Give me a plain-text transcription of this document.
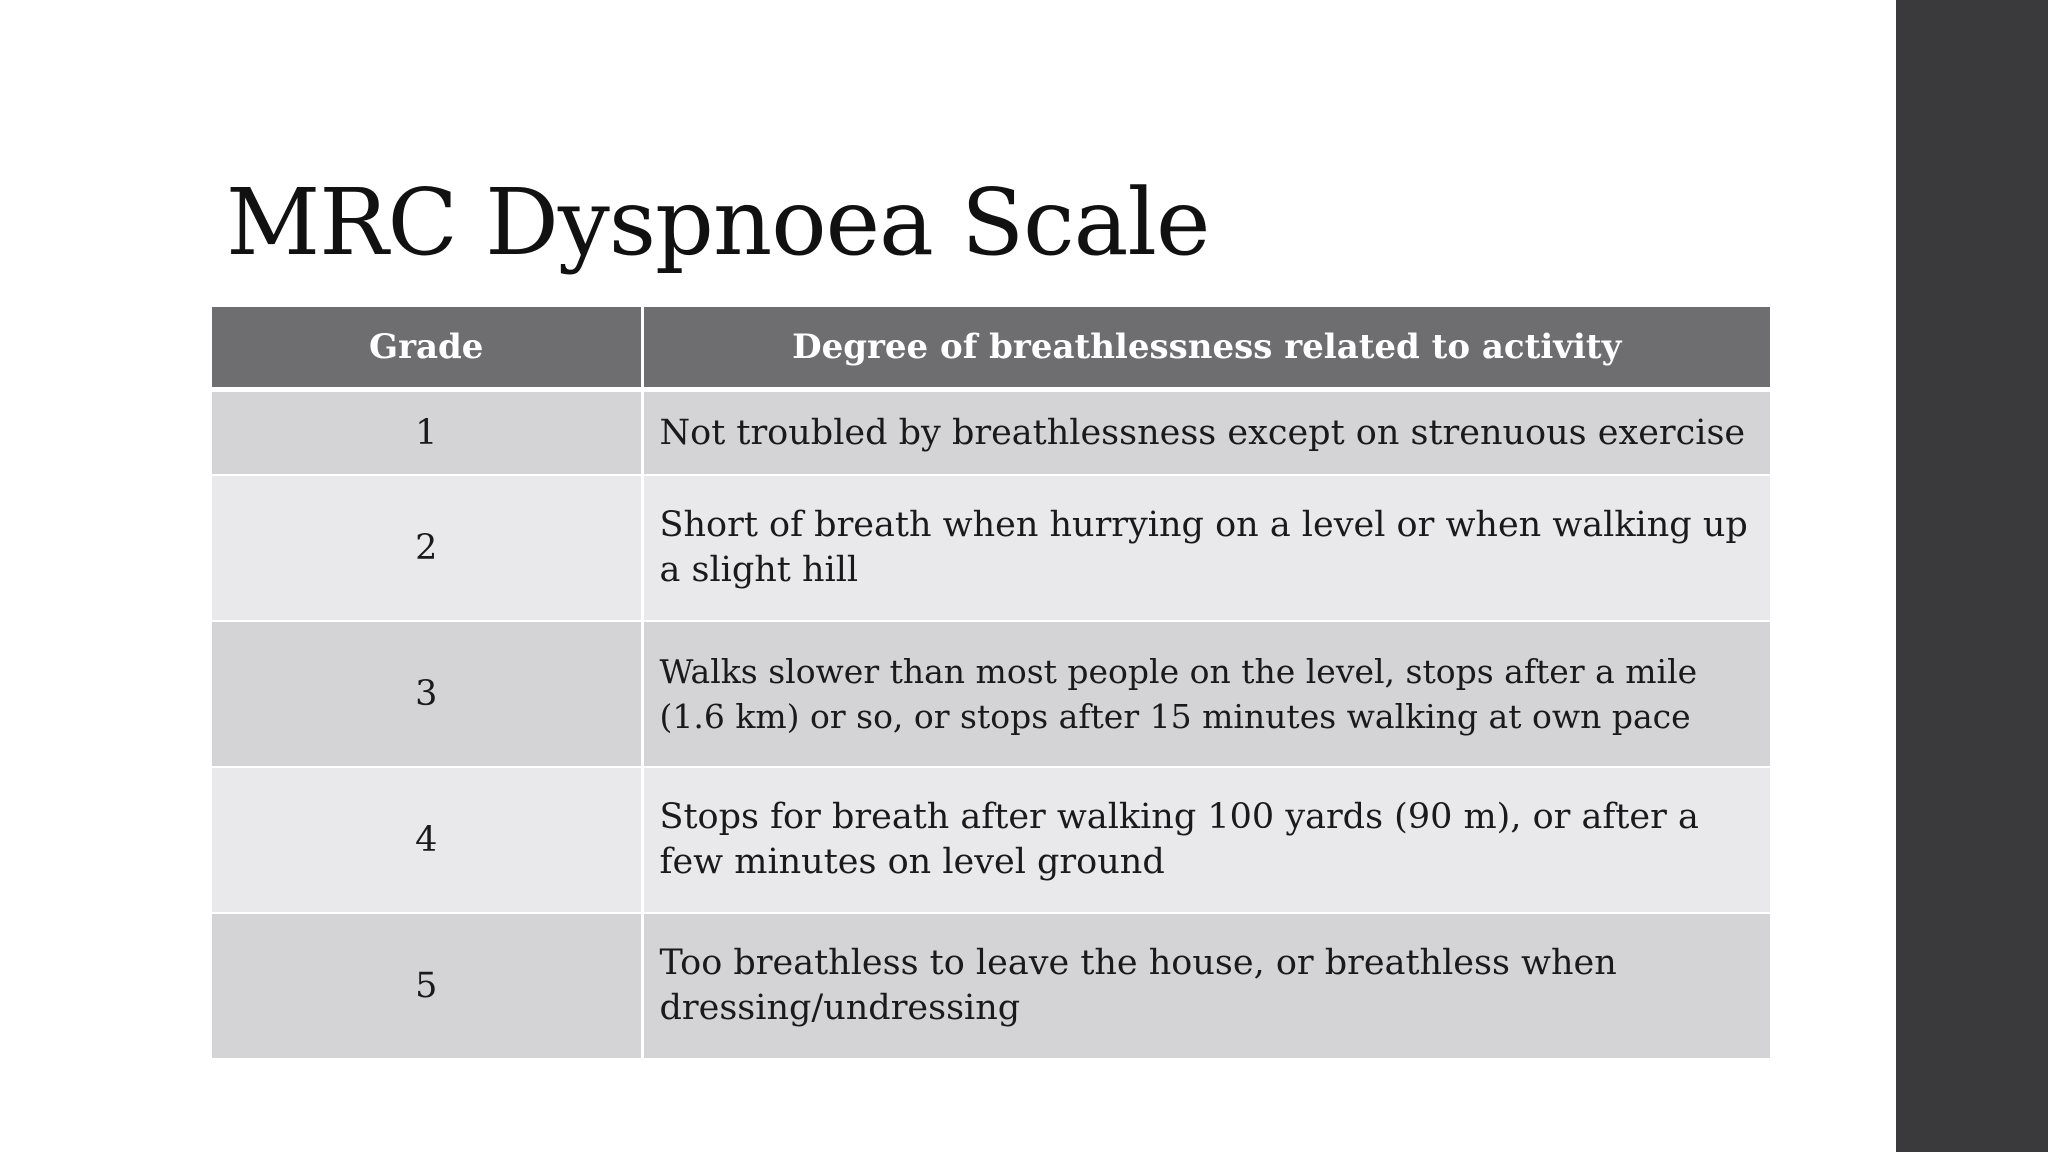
MRC Dyspnoea Scale
Grade	Degree of breathlessness related to activity
1	Not troubled by breathlessness except on strenuous exercise
2	Short of breath when hurrying on a level or when walking up a slight hill
3	Walks slower than most people on the level, stops after a mile (1.6 km) or so, or stops after 15 minutes walking at own pace
4	Stops for breath after walking 100 yards (90 m), or after a few minutes on level ground
5	Too breathless to leave the house, or breathless when dressing/undressing
